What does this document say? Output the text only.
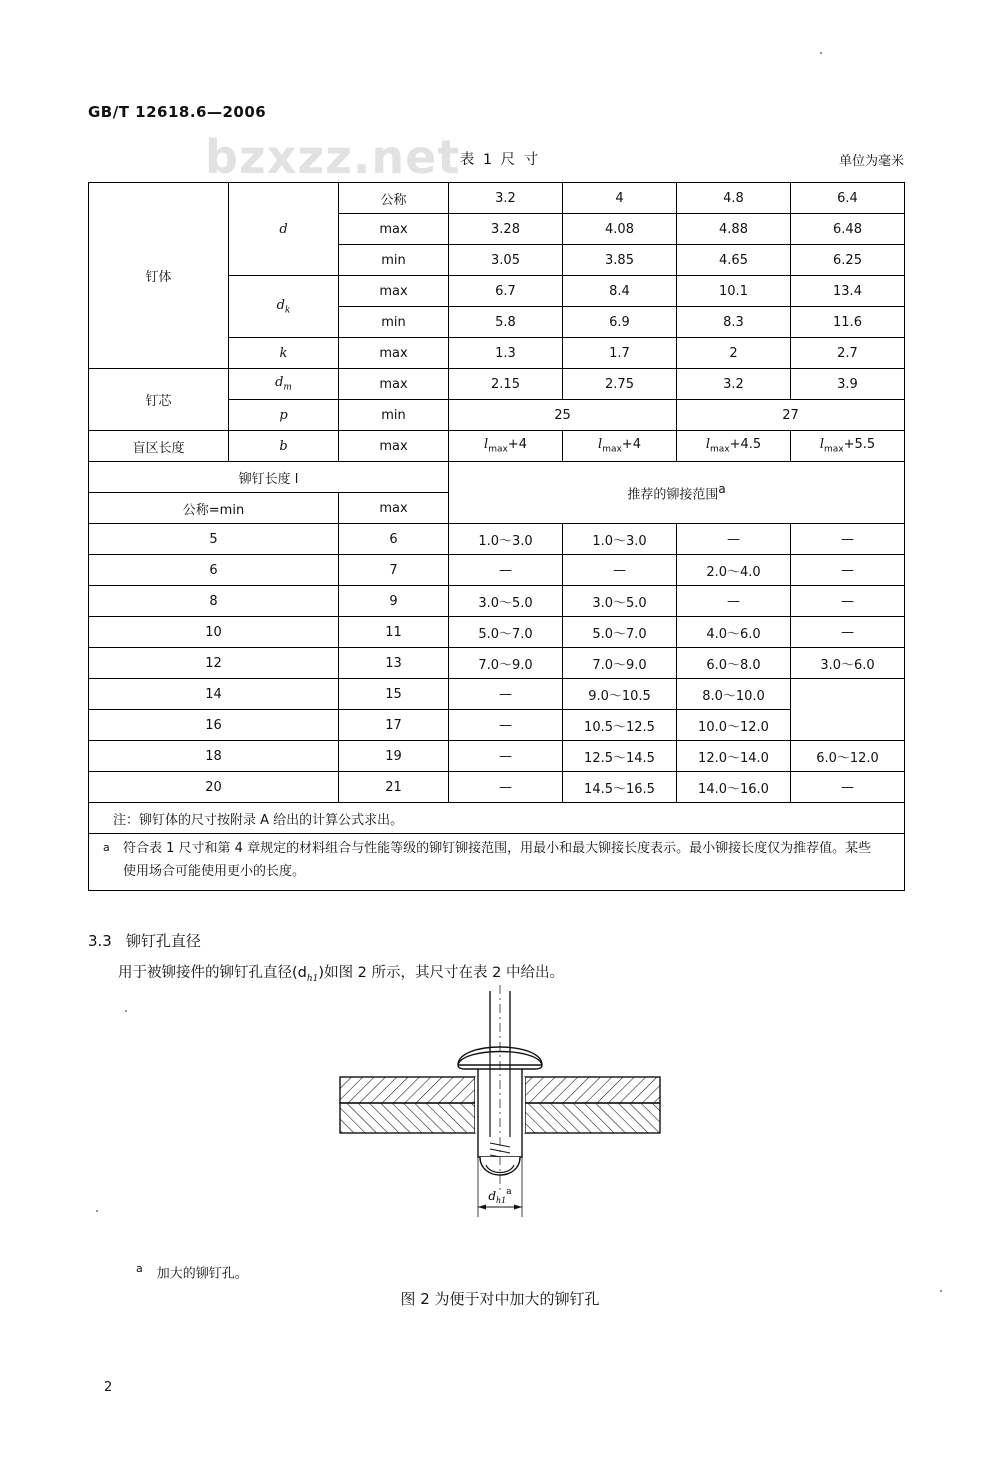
bzxzz.net
GB/T 12618.6—2006
表 1 尺 寸	单位为毫米
钉体	d	公称	3.2	4	4.8	6.4
		max	3.28	4.08	4.88	6.48
		min	3.05	3.85	4.65	6.25
	$d_k$	max	6.7	8.4	10.1	13.4
		min	5.8	6.9	8.3	11.6
	k	max	1.3	1.7	2	2.7
钉芯	$d_m$	max	2.15	2.75	3.2	3.9
	p	min	25		27	
盲区长度	b	max	$l_{max}+4$	$l_{max}+4$	$l_{max}+4.5$	$l_{max}+5.5$
铆钉长度 l			推荐的铆接范围$^a$
公称=min		max				
5		6	1.0～3.0	1.0～3.0	—	—
6		7	—	—	2.0～4.0	—
8		9	3.0～5.0	3.0～5.0	—	—
10		11	5.0～7.0	5.0～7.0	4.0～6.0	—
12		13	7.0～9.0	7.0～9.0	6.0～8.0	3.0～6.0
14		15	—	9.0～10.5	8.0～10.0	
16		17	—	10.5～12.5	10.0～12.0	
18		19	—	12.5～14.5	12.0～14.0	6.0～12.0
20		21	—	14.5～16.5	14.0～16.0	—
注：铆钉体的尺寸按附录 A 给出的计算公式求出。						

a 符合表 1 尺寸和第 4 章规定的材料组合与性能等级的铆钉铆接范围，用最小和最大铆接长度表示。最小铆接长度仅为推荐值。某些使用场合可能使用更小的长度。						
3.3 铆钉孔直径
用于被铆接件的铆钉孔直径$(d_{h1})$如图 2 所示，其尺寸在表 2 中给出。
$d_{h1}^a$
$^a$ 加大的铆钉孔。
图 2 为便于对中加大的铆钉孔
2
